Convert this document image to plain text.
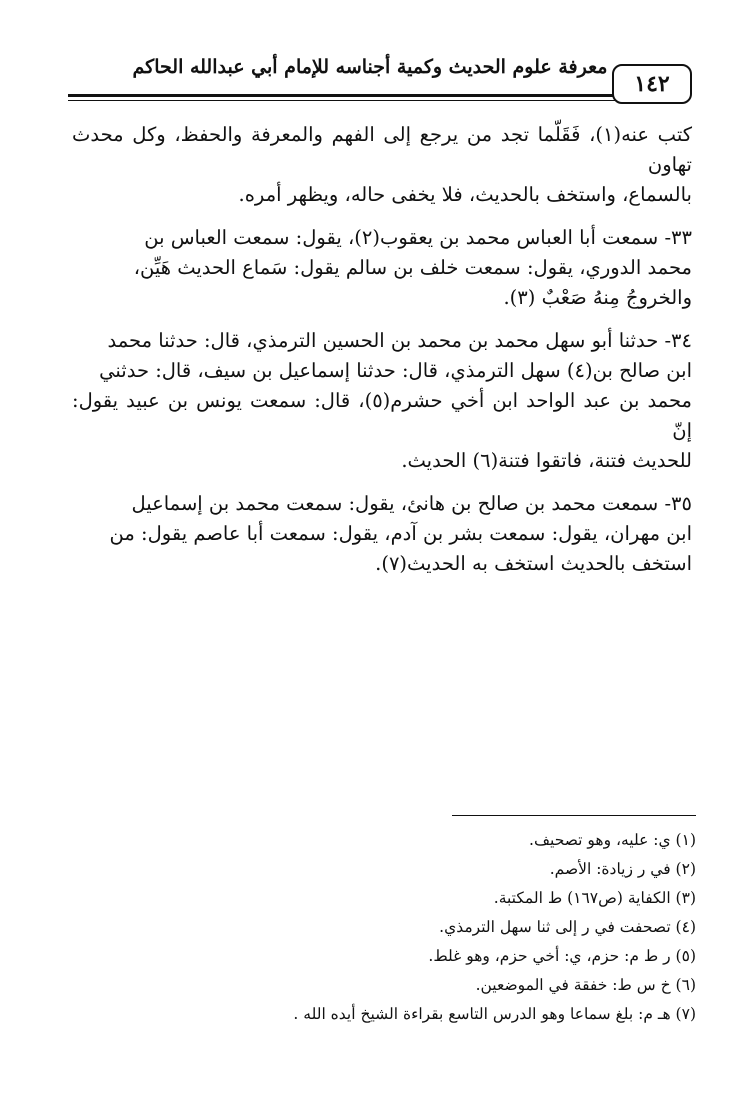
معرفة علوم الحديث وكمية أجناسه للإمام أبي عبدالله الحاكم
١٤٢

كتب عنه(١)، فَقَلّما تجد من يرجع إلى الفهم والمعرفة والحفظ، وكل محدث تهاون

بالسماع، واستخف بالحديث، فلا يخفى حاله، ويظهر أمره.

٣٣- سمعت أبا العباس محمد بن يعقوب(٢)، يقول: سمعت العباس بن

محمد الدوري، يقول: سمعت خلف بن سالم يقول: سَماع الحديث هَيِّن،

والخروجُ مِنهُ صَعْبٌ (٣).

٣٤- حدثنا أبو سهل محمد بن محمد بن الحسين الترمذي، قال: حدثنا محمد

ابن صالح بن(٤) سهل الترمذي، قال: حدثنا إسماعيل بن سيف، قال: حدثني

محمد بن عبد الواحد ابن أخي حشرم(٥)، قال: سمعت يونس بن عبيد يقول: إنّ

للحديث فتنة، فاتقوا فتنة(٦) الحديث.

٣٥- سمعت محمد بن صالح بن هانئ، يقول: سمعت محمد بن إسماعيل

ابن مهران، يقول: سمعت بشر بن آدم، يقول: سمعت أبا عاصم يقول: من

استخف بالحديث استخف به الحديث(٧).

(١) ي: عليه، وهو تصحيف.

(٢) في ر زيادة: الأصم.

(٣) الكفاية (ص١٦٧) ط المكتبة.

(٤) تصحفت في ر إلى ثنا سهل الترمذي.

(٥) ر ط م: حزم، ي: أخي حزم، وهو غلط.

(٦) خ س ط: خفقة في الموضعين.

(٧) هـ م: بلغ سماعا وهو الدرس التاسع بقراءة الشيخ أيده الله .
